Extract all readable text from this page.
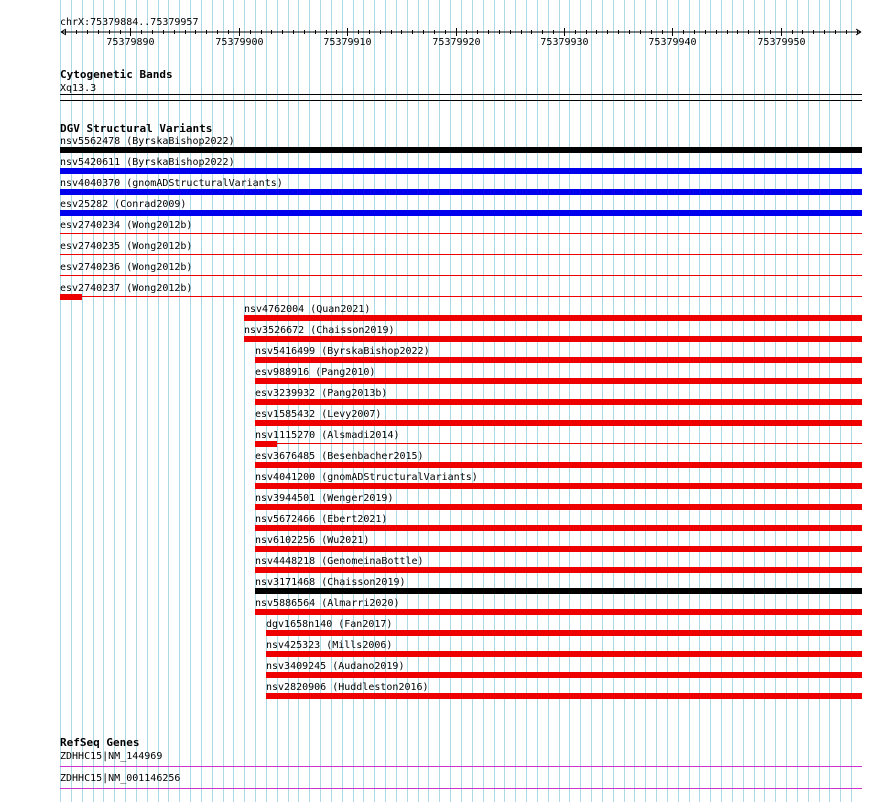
chrX:75379884..75379957
75379890	75379900	75379910	75379920	75379930	75379940	75379950
Cytogenetic Bands
Xq13.3
DGV Structural Variants
nsv5562478 (ByrskaBishop2022)
nsv5420611 (ByrskaBishop2022)
nsv4040370 (gnomADStructuralVariants)
esv25282 (Conrad2009)
esv2740234 (Wong2012b)
esv2740235 (Wong2012b)
esv2740236 (Wong2012b)
esv2740237 (Wong2012b)
nsv4762004 (Quan2021)
nsv3526672 (Chaisson2019)
nsv5416499 (ByrskaBishop2022)
esv988916 (Pang2010)
esv3239932 (Pang2013b)
esv1585432 (Levy2007)
nsv1115270 (Alsmadi2014)
esv3676485 (Besenbacher2015)
nsv4041200 (gnomADStructuralVariants)
nsv3944501 (Wenger2019)
nsv5672466 (Ebert2021)
nsv6102256 (Wu2021)
nsv4448218 (GenomeinaBottle)
nsv3171468 (Chaisson2019)
nsv5886564 (Almarri2020)
dgv1658n140 (Fan2017)
nsv425323 (Mills2006)
nsv3409245 (Audano2019)
nsv2820906 (Huddleston2016)
RefSeq Genes
ZDHHC15|NM_144969
ZDHHC15|NM_001146256
